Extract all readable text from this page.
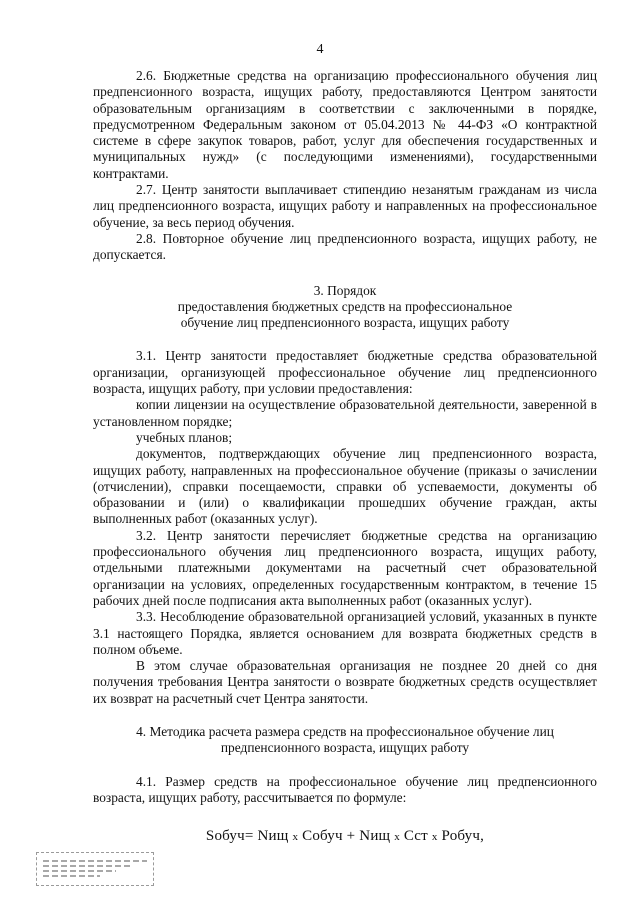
4

2.6. Бюджетные средства на организацию профессионального обучения лиц предпенсионного возраста, ищущих работу, предоставляются Центром занятости образовательным организациям в соответствии с заключенными в порядке, предусмотренном Федеральным законом от 05.04.2013 № 44-ФЗ «О контрактной системе в сфере закупок товаров, работ, услуг для обеспечения государственных и муниципальных нужд» (с последующими изменениями), государственными контрактами.

2.7. Центр занятости выплачивает стипендию незанятым гражданам из числа лиц предпенсионного возраста, ищущих работу и направленных на профессиональное обучение, за весь период обучения.

2.8. Повторное обучение лиц предпенсионного возраста, ищущих работу, не допускается.

3. Порядок

предоставления бюджетных средств на профессиональное

обучение лиц предпенсионного возраста, ищущих работу

3.1. Центр занятости предоставляет бюджетные средства образовательной организации, организующей профессиональное обучение лиц предпенсионного возраста, ищущих работу, при условии предоставления:

копии лицензии на осуществление образовательной деятельности, заверенной в установленном порядке;

учебных планов;

документов, подтверждающих обучение лиц предпенсионного возраста, ищущих работу, направленных на профессиональное обучение (приказы о зачислении (отчислении), справки посещаемости, справки об успеваемости, документы об образовании и (или) о квалификации прошедших обучение граждан, акты выполненных работ (оказанных услуг).

3.2. Центр занятости перечисляет бюджетные средства на организацию профессионального обучения лиц предпенсионного возраста, ищущих работу, отдельными платежными документами на расчетный счет образовательной организации на условиях, определенных государственным контрактом, в течение 15 рабочих дней после подписания акта выполненных работ (оказанных услуг).

3.3. Несоблюдение образовательной организацией условий, указанных в пункте 3.1 настоящего Порядка, является основанием для возврата бюджетных средств в полном объеме.

В этом случае образовательная организация не позднее 20 дней со дня получения требования Центра занятости о возврате бюджетных средств осуществляет их возврат на расчетный счет Центра занятости.

4. Методика расчета размера средств на профессиональное обучение лиц

предпенсионного возраста, ищущих работу

4.1. Размер средств на профессиональное обучение лиц предпенсионного возраста, ищущих работу, рассчитывается по формуле:

Sобуч= Nищ x Собуч + Nищ x Сст x Робуч,
